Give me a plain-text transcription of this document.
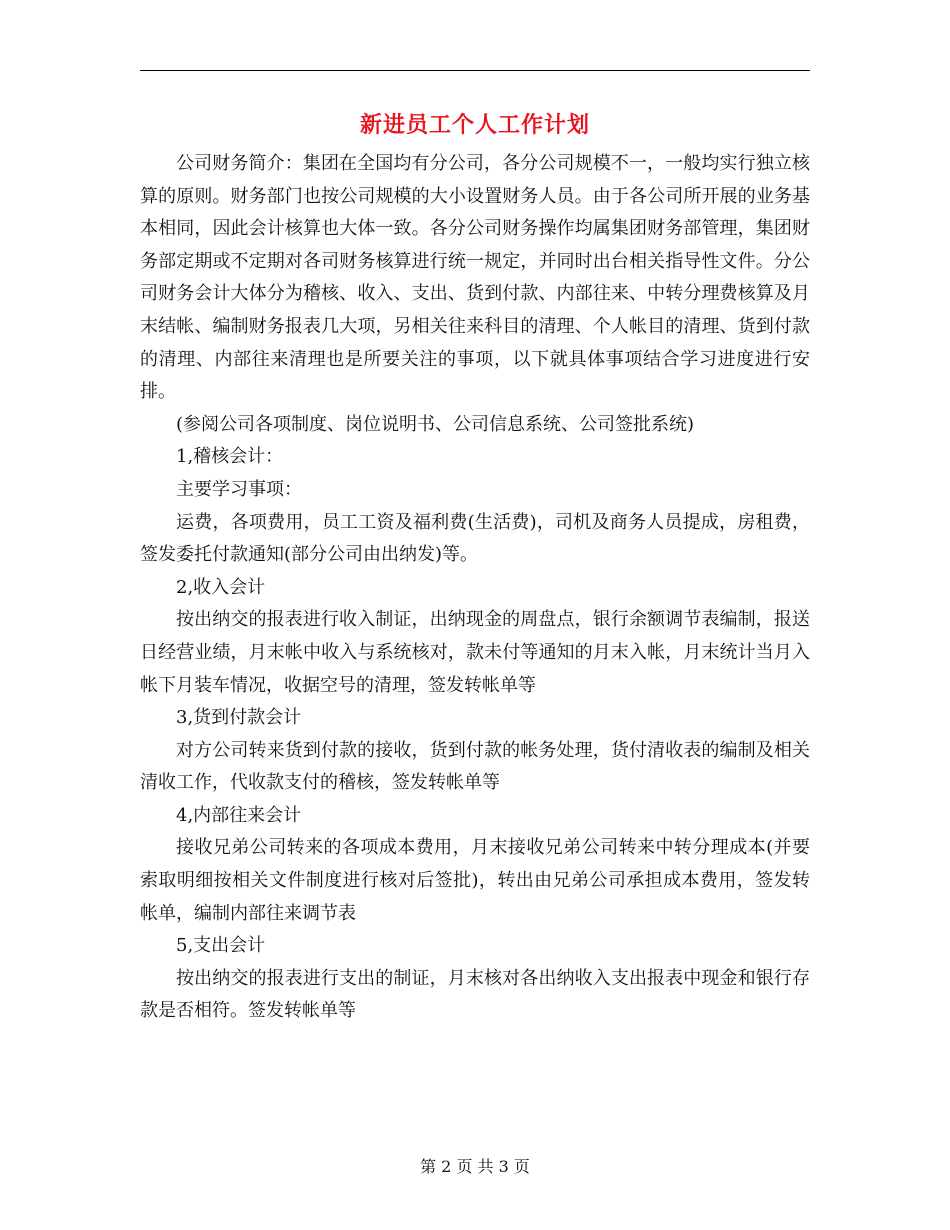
新进员工个人工作计划

公司财务简介：集团在全国均有分公司，各分公司规模不一，一般均实行独立核算的原则。财务部门也按公司规模的大小设置财务人员。由于各公司所开展的业务基本相同，因此会计核算也大体一致。各分公司财务操作均属集团财务部管理，集团财务部定期或不定期对各司财务核算进行统一规定，并同时出台相关指导性文件。分公司财务会计大体分为稽核、收入、支出、货到付款、内部往来、中转分理费核算及月末结帐、编制财务报表几大项，另相关往来科目的清理、个人帐目的清理、货到付款的清理、内部往来清理也是所要关注的事项，以下就具体事项结合学习进度进行安排。

(参阅公司各项制度、岗位说明书、公司信息系统、公司签批系统)

1,稽核会计：

主要学习事项：

运费，各项费用，员工工资及福利费(生活费)，司机及商务人员提成，房租费，签发委托付款通知(部分公司由出纳发)等。

2,收入会计

按出纳交的报表进行收入制证，出纳现金的周盘点，银行余额调节表编制，报送日经营业绩，月末帐中收入与系统核对，款未付等通知的月末入帐，月末统计当月入帐下月装车情况，收据空号的清理，签发转帐单等

3,货到付款会计

对方公司转来货到付款的接收，货到付款的帐务处理，货付清收表的编制及相关清收工作，代收款支付的稽核，签发转帐单等

4,内部往来会计

接收兄弟公司转来的各项成本费用，月末接收兄弟公司转来中转分理成本(并要索取明细按相关文件制度进行核对后签批)，转出由兄弟公司承担成本费用，签发转帐单，编制内部往来调节表

5,支出会计

按出纳交的报表进行支出的制证，月末核对各出纳收入支出报表中现金和银行存款是否相符。签发转帐单等

第 2 页 共 3 页
